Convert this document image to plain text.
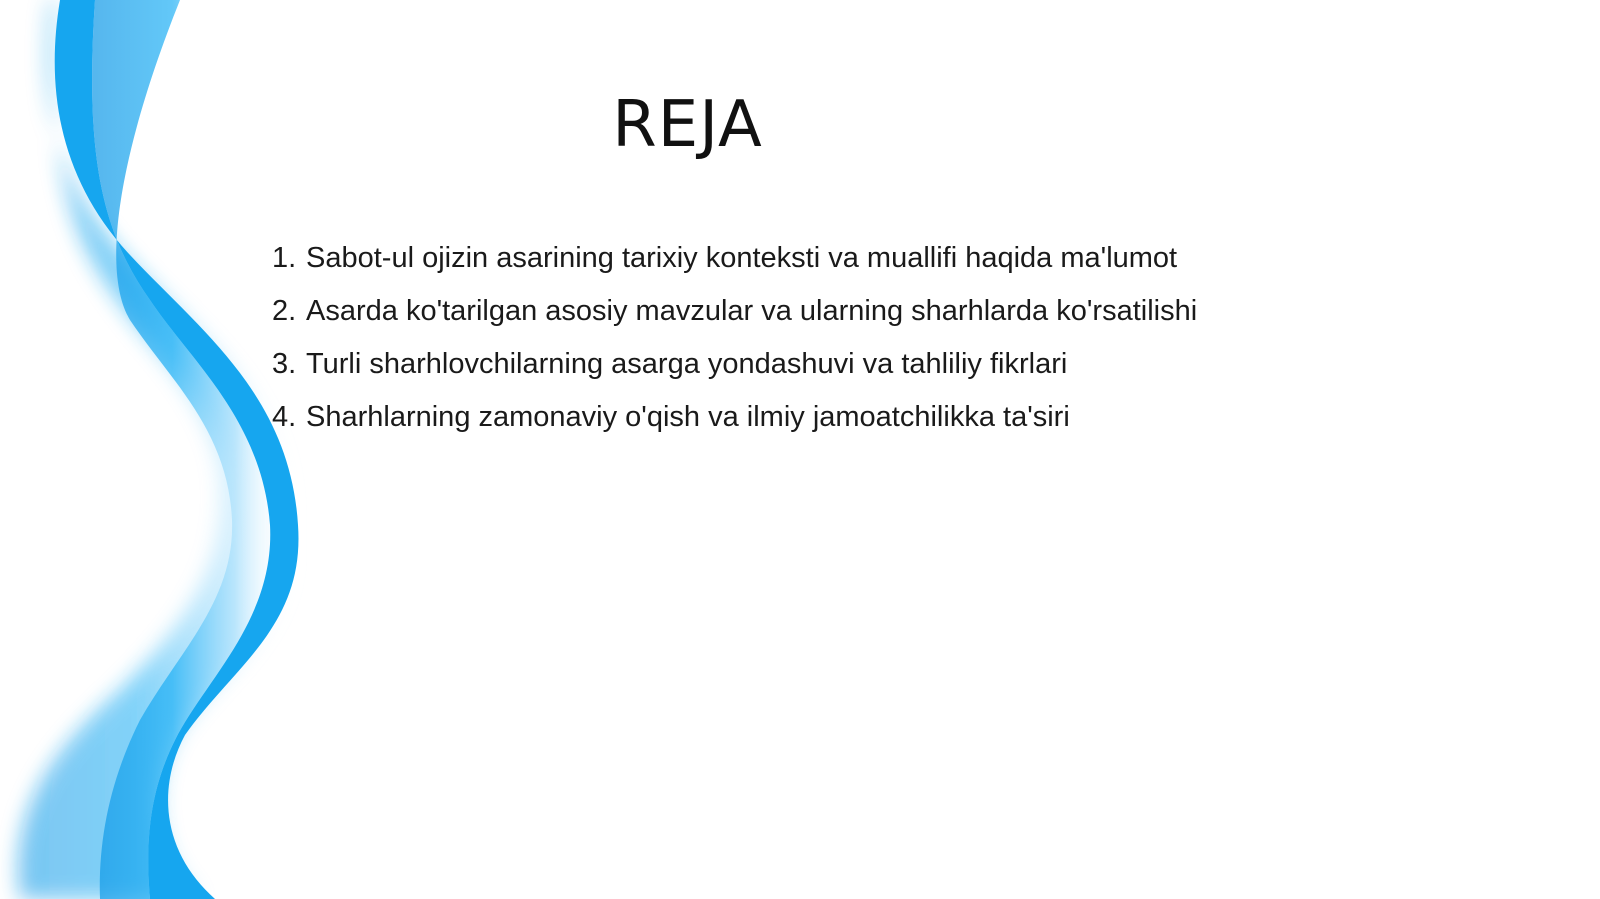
REJA
1. Sabot-ul ojizin asarining tarixiy konteksti va muallifi haqida ma'lumot
2. Asarda ko'tarilgan asosiy mavzular va ularning sharhlarda ko'rsatilishi
3. Turli sharhlovchilarning asarga yondashuvi va tahliliy fikrlari
4. Sharhlarning zamonaviy o'qish va ilmiy jamoatchilikka ta'siri
